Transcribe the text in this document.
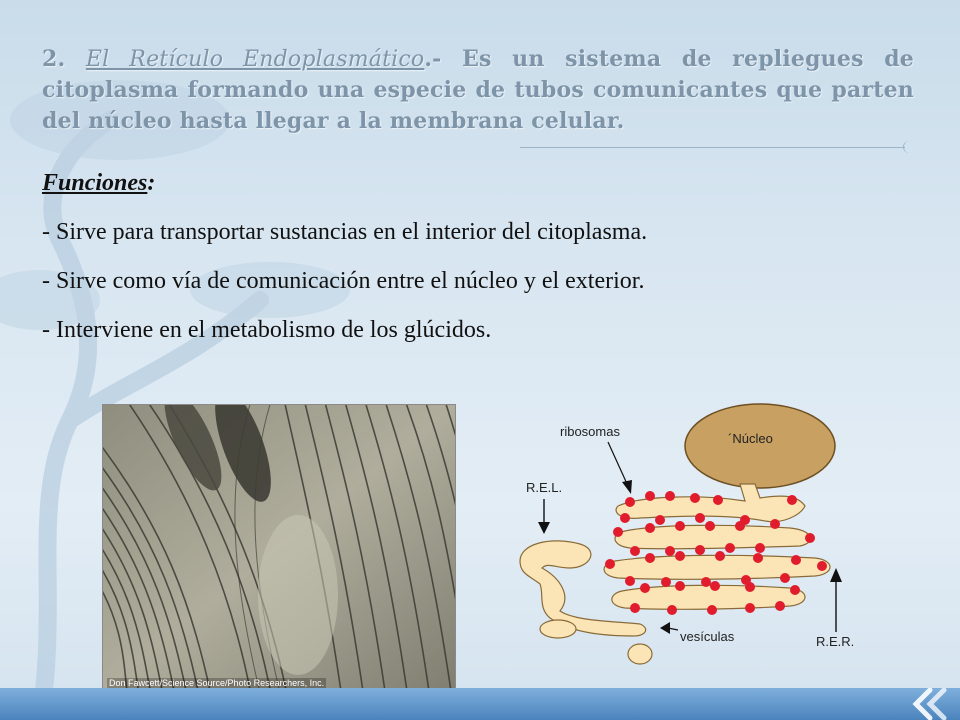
2. El Retículo Endoplasmático.- Es un sistema de repliegues de citoplasma formando una especie de tubos comunicantes que parten del núcleo hasta llegar a la membrana celular.
Funciones:
- Sirve para transportar sustancias en el interior del citoplasma.
- Sirve como vía de comunicación entre el núcleo y el exterior.
- Interviene en el metabolismo de los glúcidos.
Don Fawcett/Science Source/Photo Researchers, Inc.
´Núcleo
ribosomas
R.E.L.
R.E.R.
vesículas
